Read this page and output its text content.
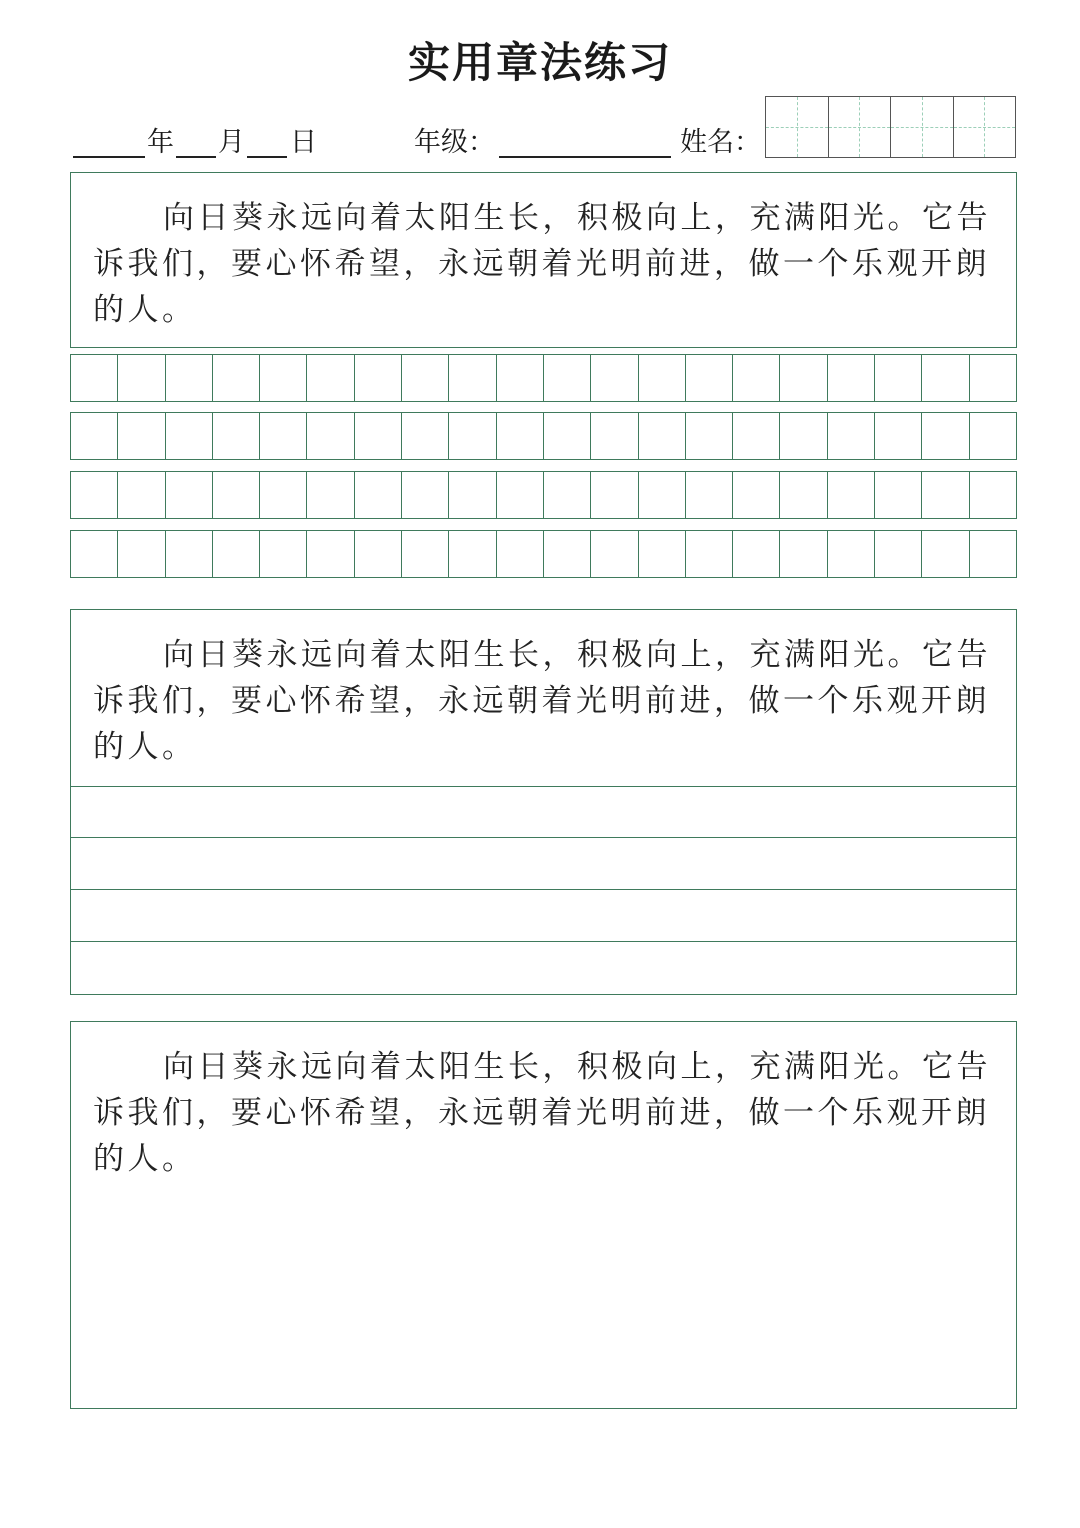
实用章法练习
年 月 日	年级：	姓名：
向日葵永远向着太阳生长，积极向上，充满阳光。它告诉我们，要心怀希望，永远朝着光明前进，做一个乐观开朗的人。
向日葵永远向着太阳生长，积极向上，充满阳光。它告诉我们，要心怀希望，永远朝着光明前进，做一个乐观开朗的人。
向日葵永远向着太阳生长，积极向上，充满阳光。它告诉我们，要心怀希望，永远朝着光明前进，做一个乐观开朗的人。
